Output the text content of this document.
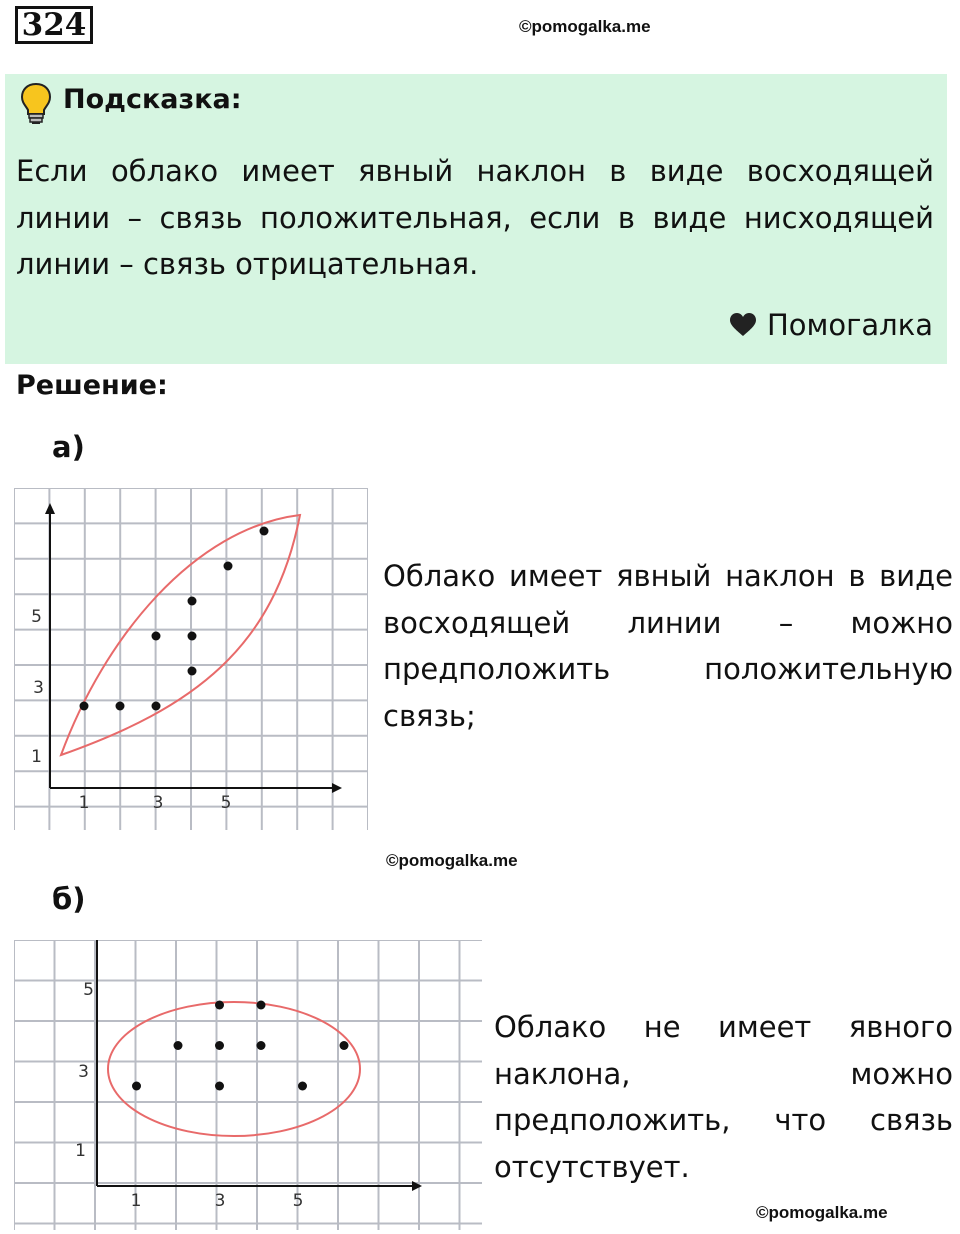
324	©pomogalka.me
Подсказка:
Если облако имеет явный наклон в виде восходящей линии – связь положительная, если в виде нисходящей линии – связь отрицательная.
Помогалка
Решение:
а)
5
3
1
1	3	5
Облако имеет явный наклон в виде восходящей линии – можно предположить положительную связь;
©pomogalka.me
б)
5
3
1
1	3	5
Облако не имеет явного наклона, можно предположить, что связь отсутствует.
©pomogalka.me
